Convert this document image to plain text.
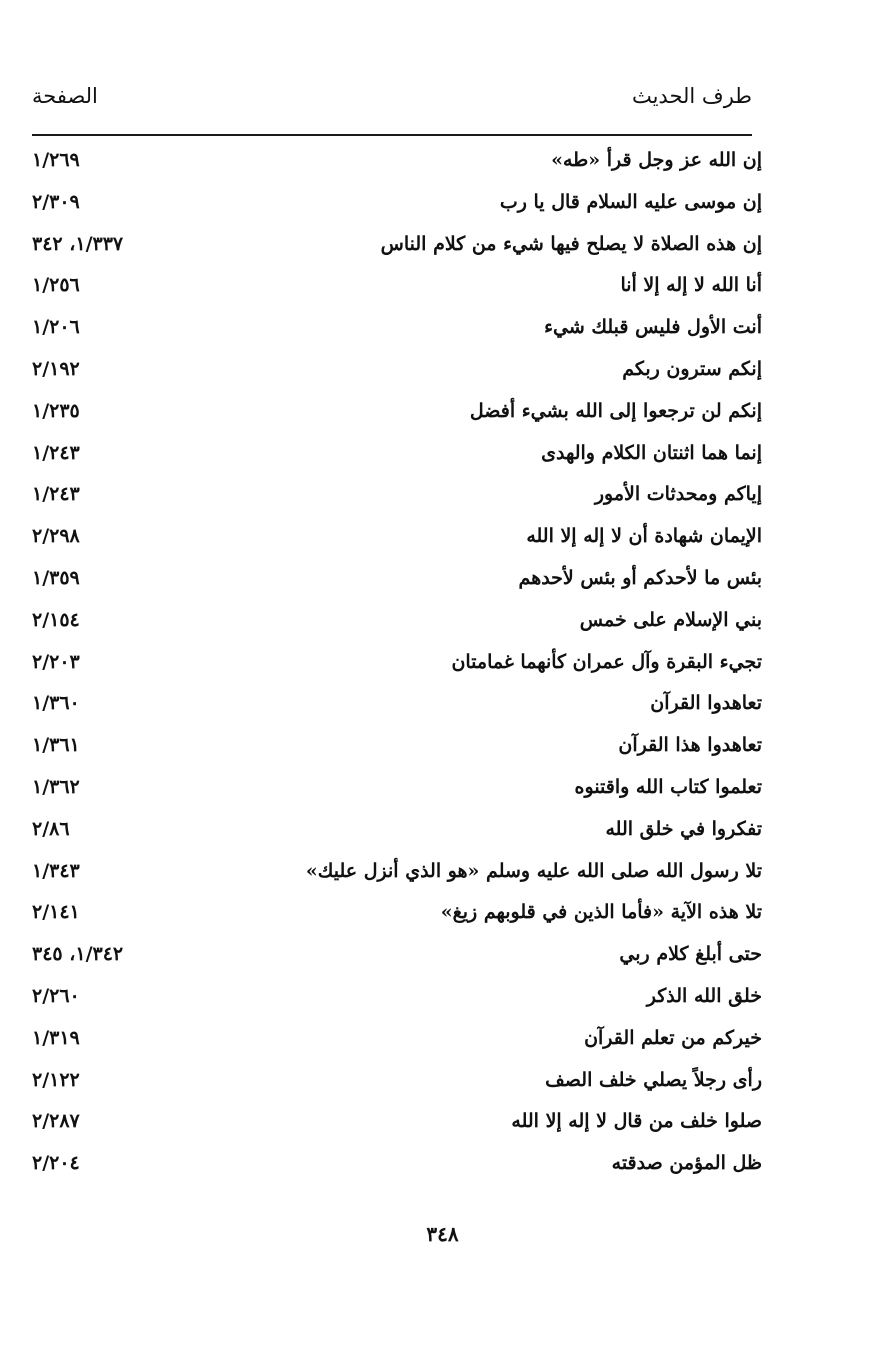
طرف الحديث
الصفحة
إن الله عز وجل قرأ «طه»
١/٢٦٩
إن موسى عليه السلام قال يا رب
٢/٣٠٩
إن هذه الصلاة لا يصلح فيها شيء من كلام الناس
١/٣٣٧، ٣٤٢
أنا الله لا إله إلا أنا
١/٢٥٦
أنت الأول فليس قبلك شيء
١/٢٠٦
إنكم سترون ربكم
٢/١٩٢
إنكم لن ترجعوا إلى الله بشيء أفضل
١/٢٣٥
إنما هما اثنتان الكلام والهدى
١/٢٤٣
إياكم ومحدثات الأمور
١/٢٤٣
الإيمان شهادة أن لا إله إلا الله
٢/٢٩٨
بئس ما لأحدكم أو بئس لأحدهم
١/٣٥٩
بني الإسلام على خمس
٢/١٥٤
تجيء البقرة وآل عمران كأنهما غمامتان
٢/٢٠٣
تعاهدوا القرآن
١/٣٦٠
تعاهدوا هذا القرآن
١/٣٦١
تعلموا كتاب الله واقتنوه
١/٣٦٢
تفكروا في خلق الله
٢/٨٦
تلا رسول الله صلى الله عليه وسلم «هو الذي أنزل عليك»
١/٣٤٣
تلا هذه الآية «فأما الذين في قلوبهم زيغ»
٢/١٤١
حتى أبلغ كلام ربي
١/٣٤٢، ٣٤٥
خلق الله الذكر
٢/٢٦٠
خيركم من تعلم القرآن
١/٣١٩
رأى رجلاً يصلي خلف الصف
٢/١٢٢
صلوا خلف من قال لا إله إلا الله
٢/٢٨٧
ظل المؤمن صدقته
٢/٢٠٤
٣٤٨
